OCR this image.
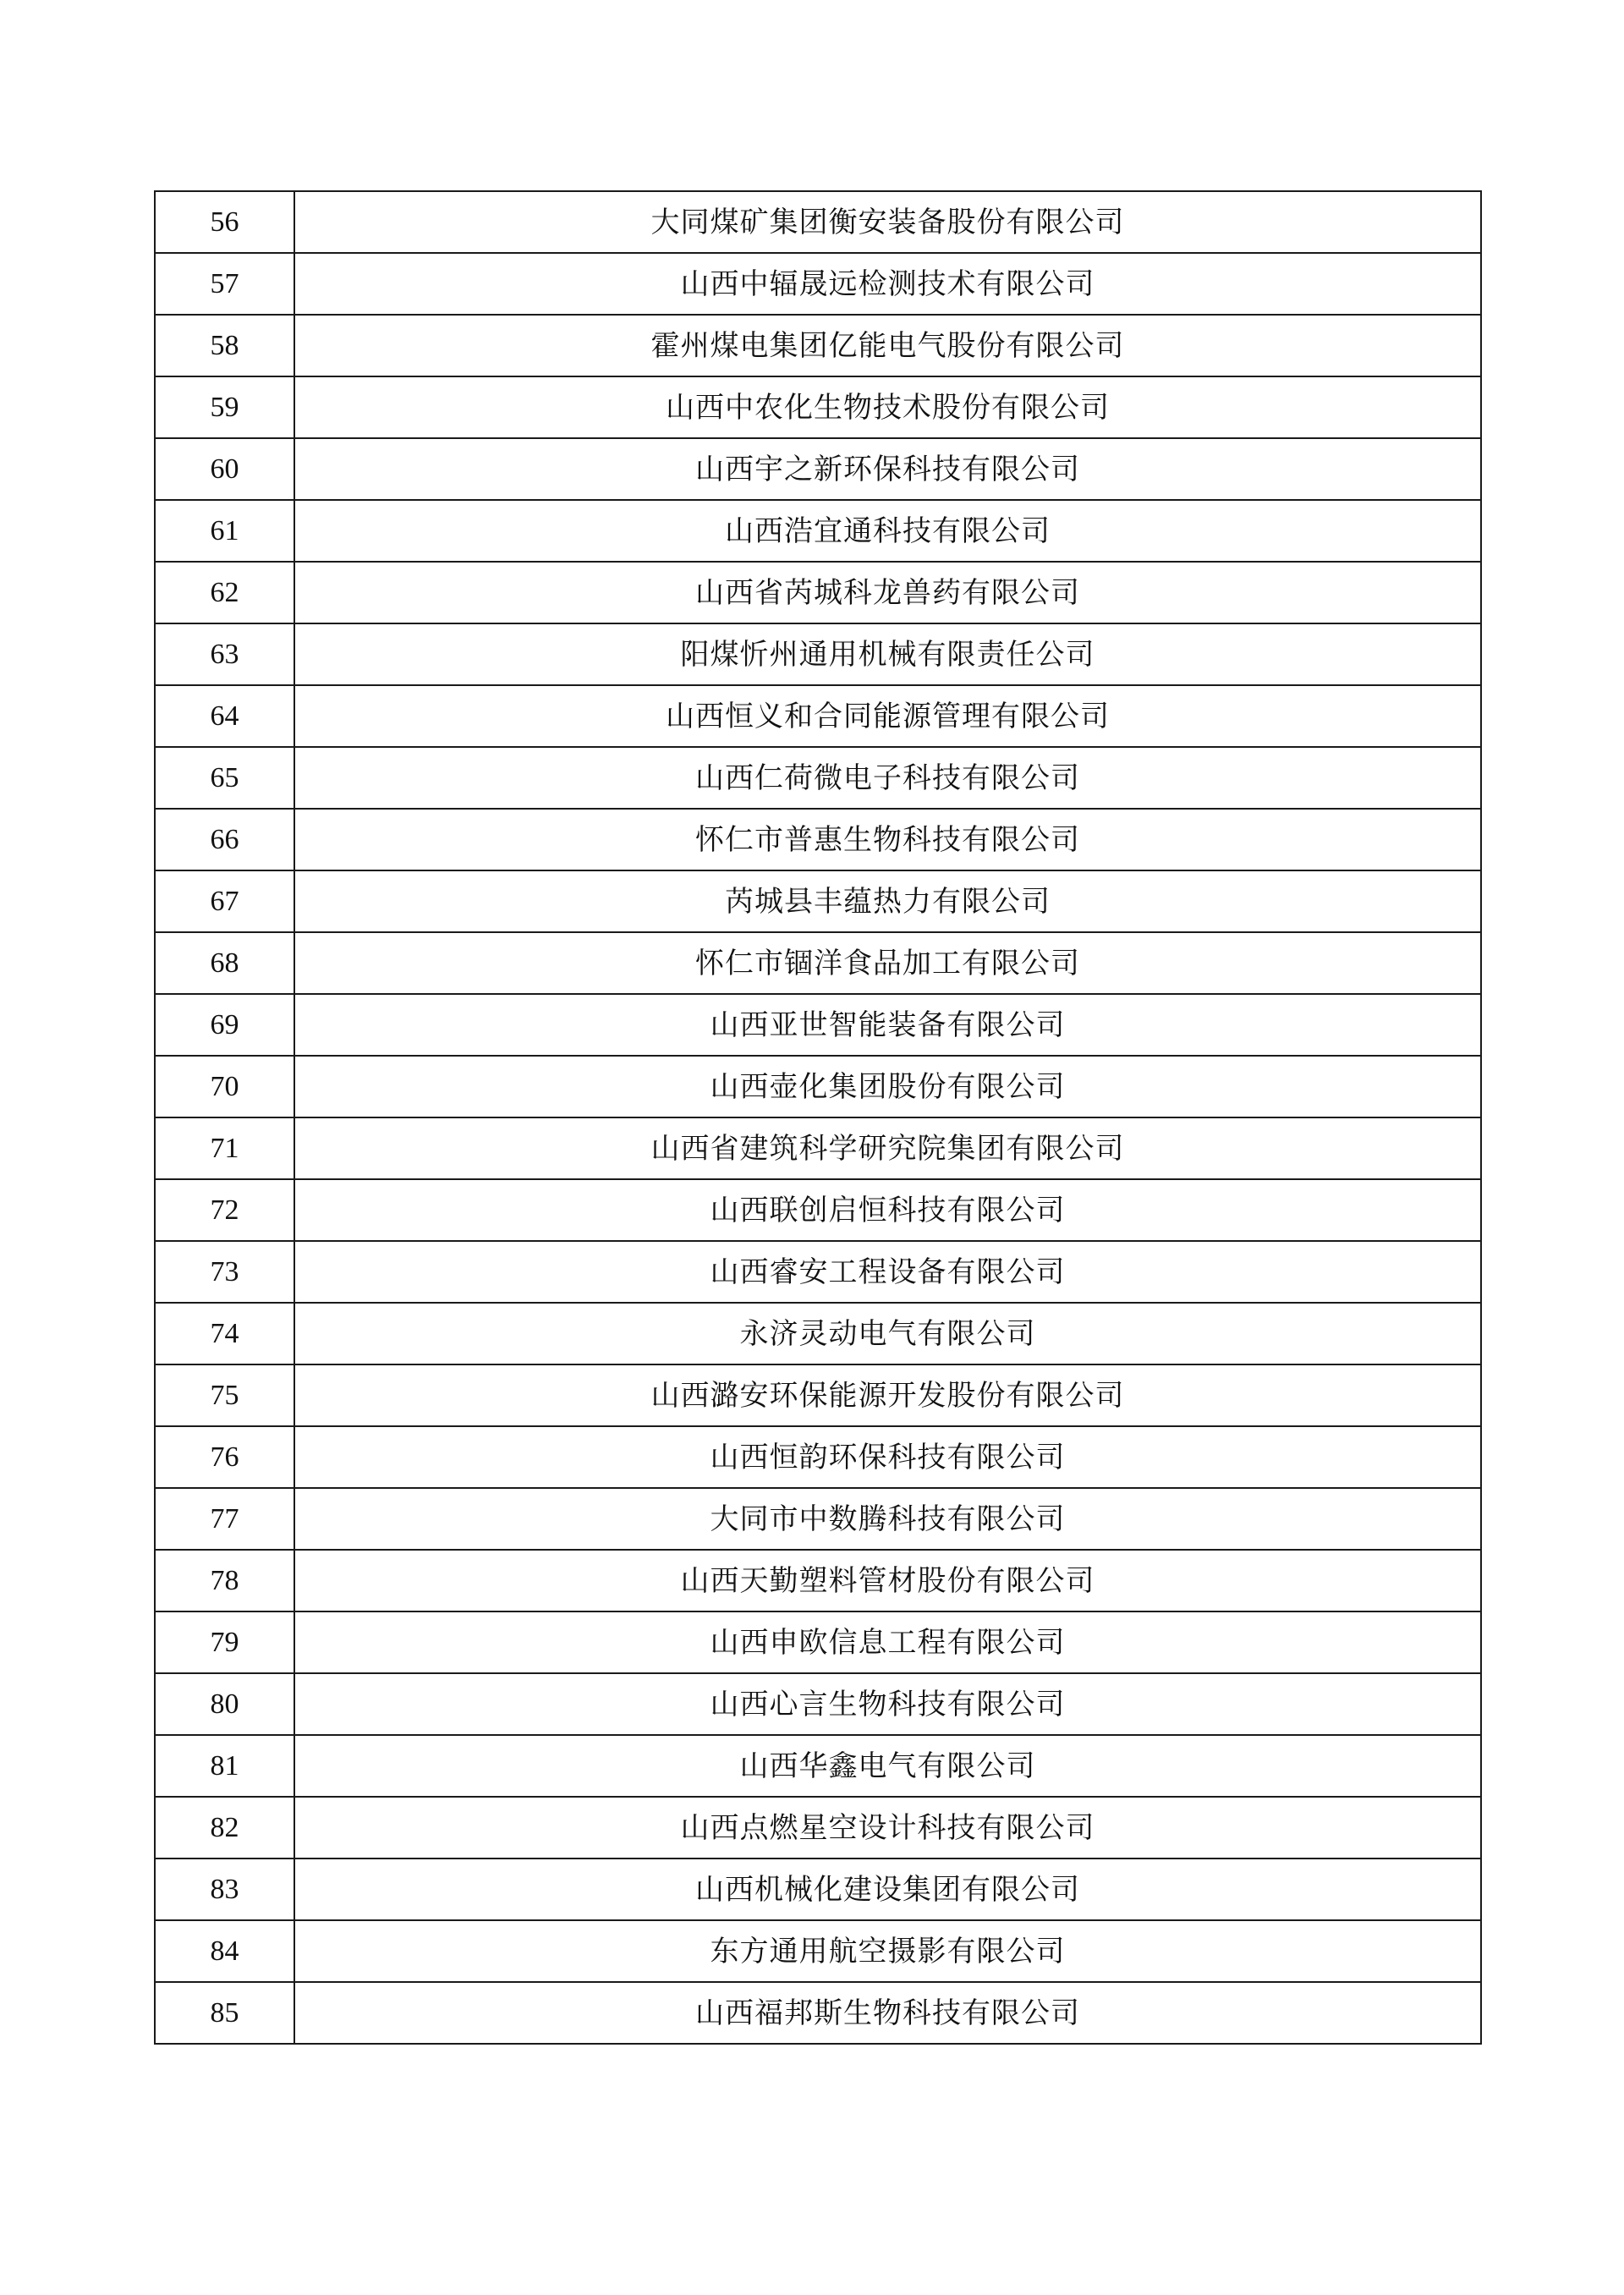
56	大同煤矿集团衡安装备股份有限公司
57	山西中辐晟远检测技术有限公司
58	霍州煤电集团亿能电气股份有限公司
59	山西中农化生物技术股份有限公司
60	山西宇之新环保科技有限公司
61	山西浩宜通科技有限公司
62	山西省芮城科龙兽药有限公司
63	阳煤忻州通用机械有限责任公司
64	山西恒义和合同能源管理有限公司
65	山西仁荷微电子科技有限公司
66	怀仁市普惠生物科技有限公司
67	芮城县丰蕴热力有限公司
68	怀仁市锢洋食品加工有限公司
69	山西亚世智能装备有限公司
70	山西壶化集团股份有限公司
71	山西省建筑科学研究院集团有限公司
72	山西联创启恒科技有限公司
73	山西睿安工程设备有限公司
74	永济灵动电气有限公司
75	山西潞安环保能源开发股份有限公司
76	山西恒韵环保科技有限公司
77	大同市中数腾科技有限公司
78	山西天勤塑料管材股份有限公司
79	山西申欧信息工程有限公司
80	山西心言生物科技有限公司
81	山西华鑫电气有限公司
82	山西点燃星空设计科技有限公司
83	山西机械化建设集团有限公司
84	东方通用航空摄影有限公司
85	山西福邦斯生物科技有限公司
